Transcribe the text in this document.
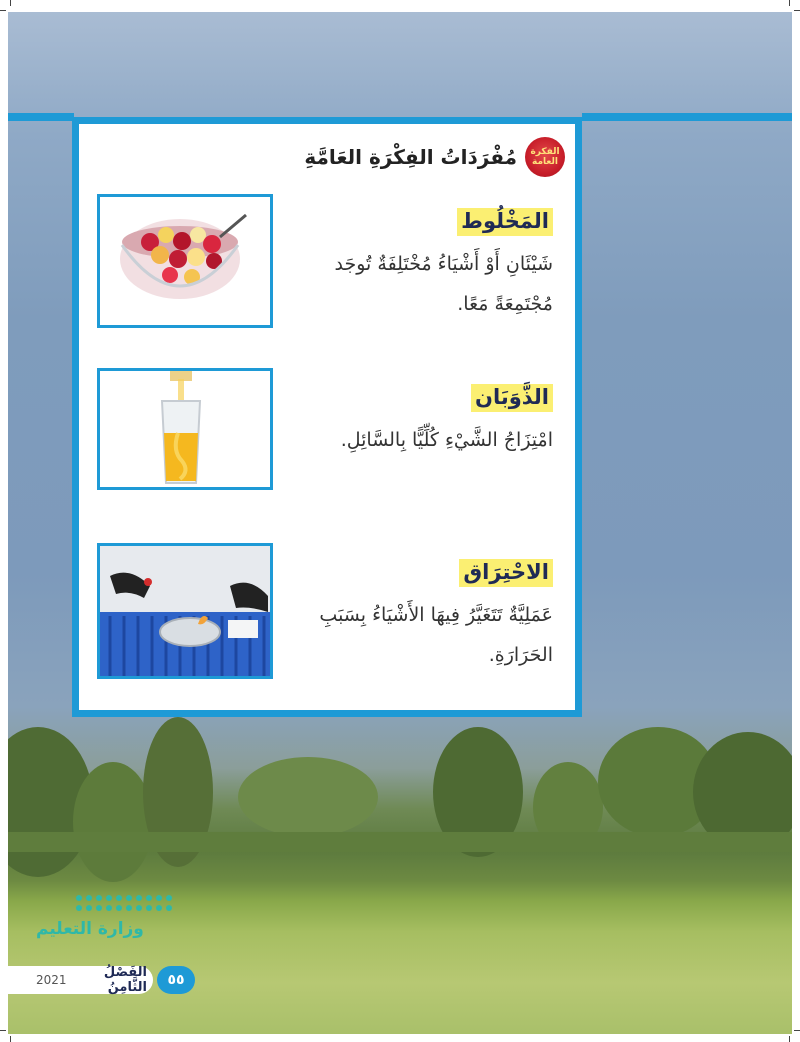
الفكرة
العامة
مُفْرَدَاتُ الفِكْرَةِ العَامَّةِ
المَخْلُوط
شَيْئَانِ أَوْ أَشْيَاءُ مُخْتَلِفَةٌ تُوجَد مُجْتَمِعَةً مَعًا.
الذَّوَبَان
امْتِزَاجُ الشَّيْءِ كُلِّيًّا بِالسَّائِلِ.
الاحْتِرَاق
عَمَلِيَّةٌ تَتَغَيَّرُ فِيهَا الأَشْيَاءُ بِسَبَبِ الحَرَارَةِ.
وزارة التعليم
2021	الفَصْلُ الثَّامِنُ	٥٥
